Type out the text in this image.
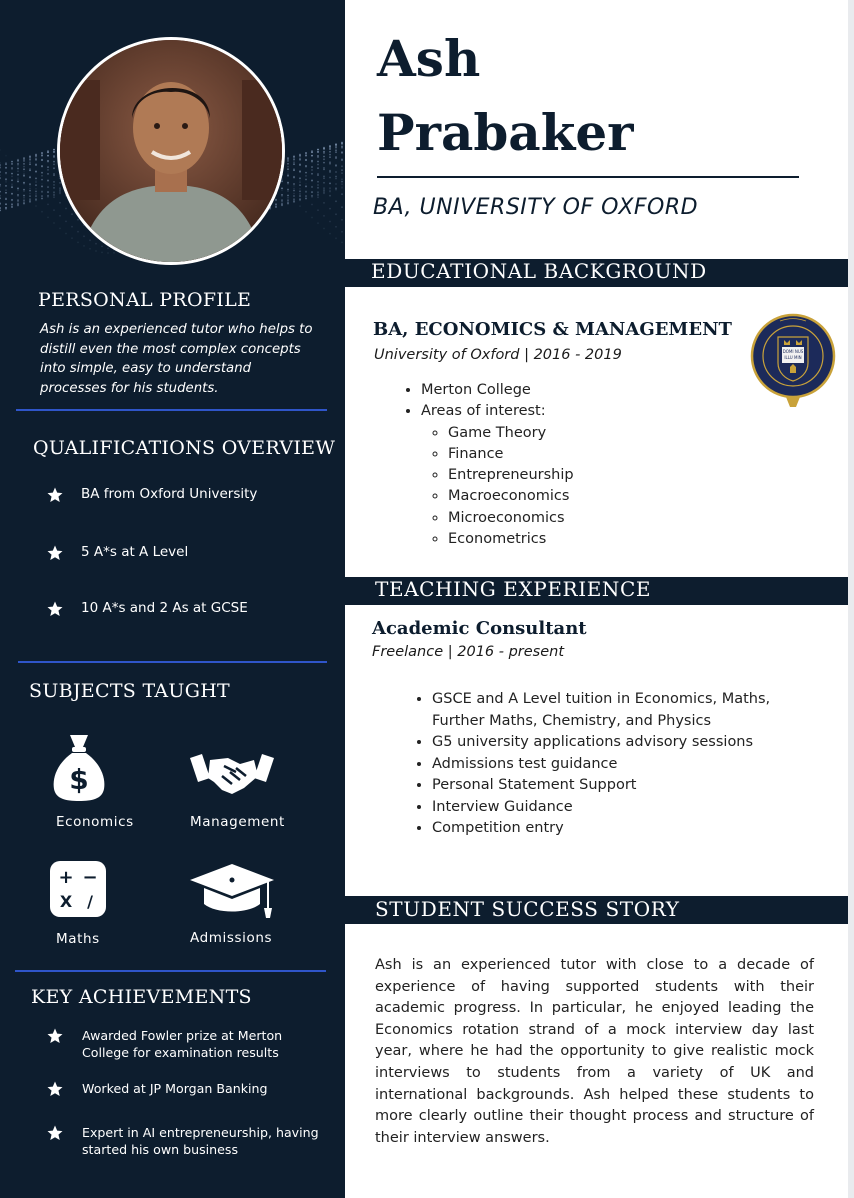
PERSONAL PROFILE
Ash is an experienced tutor who helps to distill even the most complex concepts into simple, easy to understand processes for his students.
QUALIFICATIONS OVERVIEW
BA from Oxford University
5 A*s at A Level
10 A*s and 2 As at GCSE
SUBJECTS TAUGHT
$
Economics	Management
+ −
X /
Maths	Admissions
KEY ACHIEVEMENTS
Awarded Fowler prize at Merton College for examination results
Worked at JP Morgan Banking
Expert in AI entrepreneurship, having started his own business
Ash
Prabaker
BA, UNIVERSITY OF OXFORD
EDUCATIONAL BACKGROUND
BA, ECONOMICS & MANAGEMENT
University of Oxford | 2016 - 2019	DOMI NUS
ILLU MIN
• Merton College
• Areas of interest:
◦ Game Theory
◦ Finance
◦ Entrepreneurship
◦ Macroeconomics
◦ Microeconomics
◦ Econometrics
TEACHING EXPERIENCE
Academic Consultant
Freelance | 2016 - present
• GSCE and A Level tuition in Economics, Maths, Further Maths, Chemistry, and Physics
• G5 university applications advisory sessions
• Admissions test guidance
• Personal Statement Support
• Interview Guidance
• Competition entry
STUDENT SUCCESS STORY
Ash is an experienced tutor with close to a decade of experience of having supported students with their academic progress. In particular, he enjoyed leading the Economics rotation strand of a mock interview day last year, where he had the opportunity to give realistic mock interviews to students from a variety of UK and international backgrounds. Ash helped these students to more clearly outline their thought process and structure of their interview answers.
